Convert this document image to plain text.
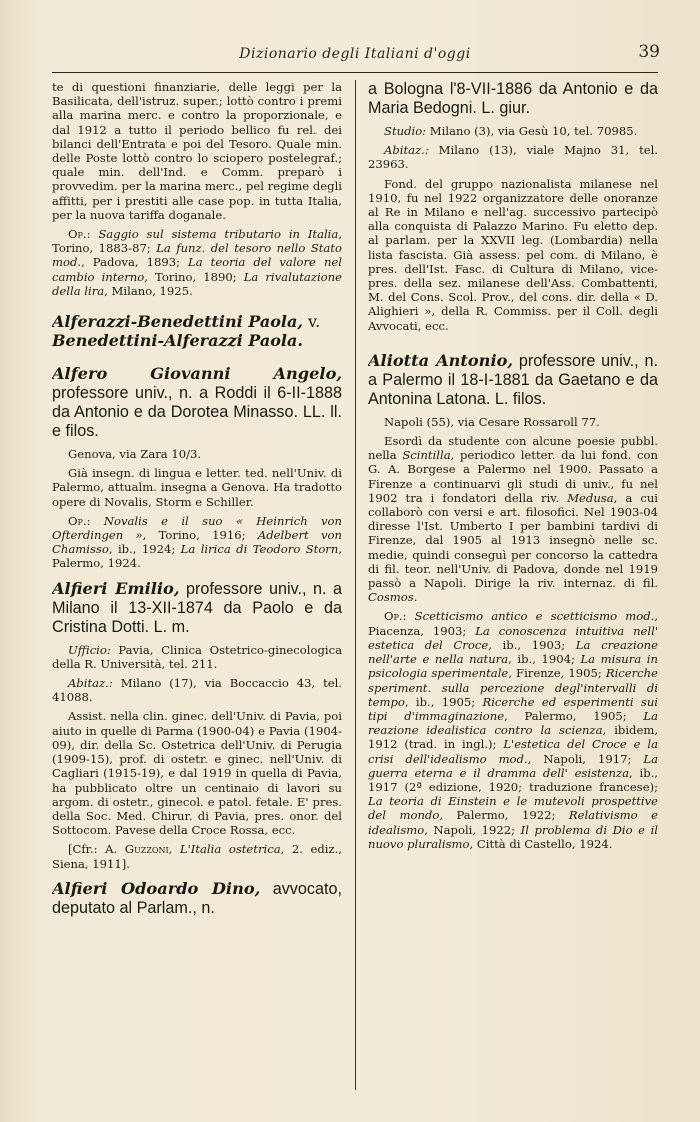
Dizionario degli Italiani d'oggi	39

te di questioni finanziarie, delle leggi per la Basilicata, dell'istruz. super.; lottò contro i premi alla marina merc. e contro la proporzionale, e dal 1912 a tutto il periodo bellico fu rel. dei bilanci dell'Entrata e poi del Tesoro. Quale min. delle Poste lottò contro lo sciopero postelegraf.; quale min. dell'Ind. e Comm. preparò i provvedim. per la marina merc., pel regime degli affitti, per i prestiti alle case pop. in tutta Italia, per la nuova tariffa doganale.

Op.: Saggio sul sistema tributario in Italia, Torino, 1883-87; La funz. del tesoro nello Stato mod., Padova, 1893; La teoria del valore nel cambio interno, Torino, 1890; La rivalutazione della lira, Milano, 1925.

Alferazzi-Benedettini Paola, v. Benedettini-Alferazzi Paola.

Alfero Giovanni Angelo, professore univ., n. a Roddi il 6-II-1888 da Antonio e da Dorotea Minasso. LL. ll. e filos.

Genova, via Zara 10/3.

Già insegn. di lingua e letter. ted. nell'Univ. di Palermo, attualm. insegna a Genova. Ha tradotto opere di Novalis, Storm e Schiller.

Op.: Novalis e il suo « Heinrich von Ofterdingen », Torino, 1916; Adelbert von Chamisso, ib., 1924; La lirica di Teodoro Storn, Palermo, 1924.

Alfieri Emilio, professore univ., n. a Milano il 13-XII-1874 da Paolo e da Cristina Dotti. L. m.

Ufficio: Pavia, Clinica Ostetrico-ginecologica della R. Università, tel. 211.

Abitaz.: Milano (17), via Boccaccio 43, tel. 41088.

Assist. nella clin. ginec. dell'Univ. di Pavia, poi aiuto in quelle di Parma (1900-04) e Pavia (1904-09), dir. della Sc. Ostetrica dell'Univ. di Perugia (1909-15), prof. di ostetr. e ginec. nell'Univ. di Cagliari (1915-19), e dal 1919 in quella di Pavia, ha pubblicato oltre un centinaio di lavori su argom. di ostetr., ginecol. e patol. fetale. E' pres. della Soc. Med. Chirur. di Pavia, pres. onor. del Sottocom. Pavese della Croce Rossa, ecc.

[Cfr.: A. Guzzoni, L'Italia ostetrica, 2. ediz., Siena, 1911].

Alfieri Odoardo Dino, avvocato, deputato al Parlam., n.

a Bologna l'8-VII-1886 da Antonio e da Maria Bedogni. L. giur.

Studio: Milano (3), via Gesù 10, tel. 70985.

Abitaz.: Milano (13), viale Majno 31, tel. 23963.

Fond. del gruppo nazionalista milanese nel 1910, fu nel 1922 organizzatore delle onoranze al Re in Milano e nell'ag. successivo partecipò alla conquista di Palazzo Marino. Fu eletto dep. al parlam. per la XXVII leg. (Lombardia) nella lista fascista. Già assess. pel com. di Milano, è pres. dell'Ist. Fasc. di Cultura di Milano, vice-pres. della sez. milanese dell'Ass. Combattenti, M. del Cons. Scol. Prov., del cons. dir. della « D. Alighieri », della R. Commiss. per il Coll. degli Avvocati, ecc.

Aliotta Antonio, professore univ., n. a Palermo il 18-I-1881 da Gaetano e da Antonina Latona. L. filos.

Napoli (55), via Cesare Rossaroll 77.

Esordì da studente con alcune poesie pubbl. nella Scintilla, periodico letter. da lui fond. con G. A. Borgese a Palermo nel 1900. Passato a Firenze a continuarvi gli studi di univ., fu nel 1902 tra i fondatori della riv. Medusa, a cui collaborò con versi e art. filosofici. Nel 1903-04 diresse l'Ist. Umberto I per bambini tardivi di Firenze, dal 1905 al 1913 insegnò nelle sc. medie, quindi conseguì per concorso la cattedra di fil. teor. nell'Univ. di Padova, donde nel 1919 passò a Napoli. Dirige la riv. internaz. di fil. Cosmos.

Op.: Scetticismo antico e scetticismo mod., Piacenza, 1903; La conoscenza intuitiva nell' estetica del Croce, ib., 1903; La creazione nell'arte e nella natura, ib., 1904; La misura in psicologia sperimentale, Firenze, 1905; Ricerche speriment. sulla percezione degl'intervalli di tempo, ib., 1905; Ricerche ed esperimenti sui tipi d'immaginazione, Palermo, 1905; La reazione idealistica contro la scienza, ibidem, 1912 (trad. in ingl.); L'estetica del Croce e la crisi dell'idealismo mod., Napoli, 1917; La guerra eterna e il dramma dell' esistenza, ib., 1917 (2ª edizione, 1920; traduzione francese); La teoria di Einstein e le mutevoli prospettive del mondo, Palermo, 1922; Relativismo e idealismo, Napoli, 1922; Il problema di Dio e il nuovo pluralismo, Città di Castello, 1924.
